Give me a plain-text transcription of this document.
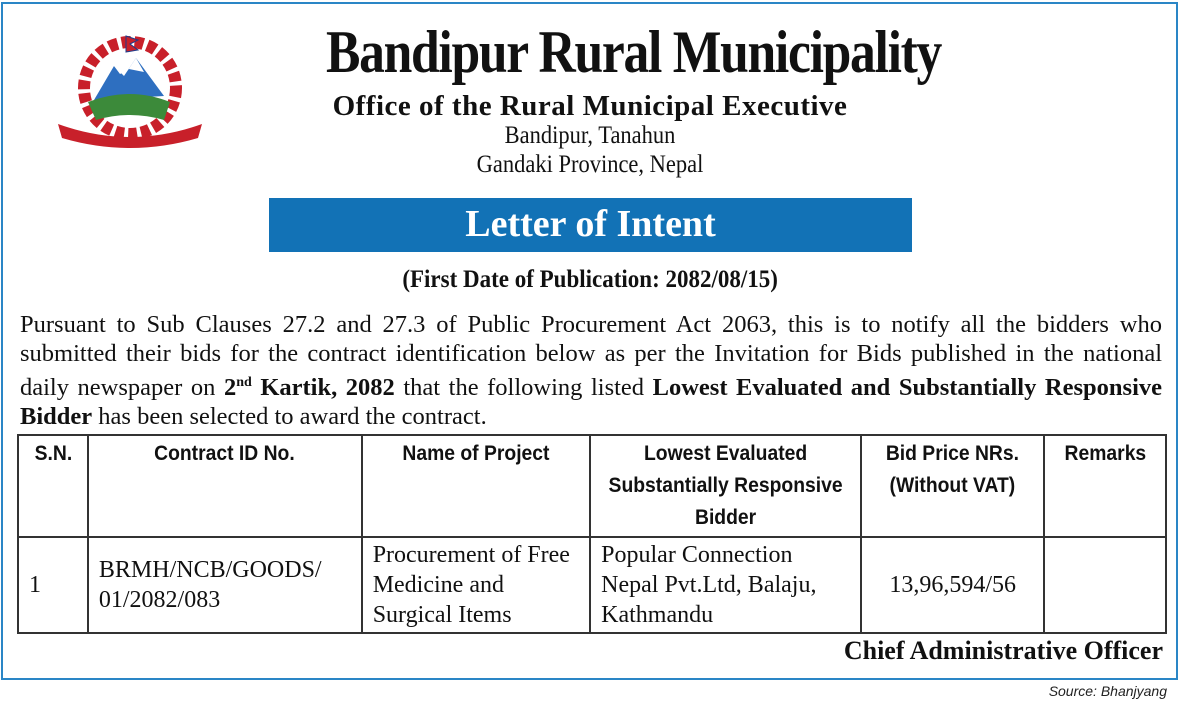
Bandipur Rural Municipality
Office of the Rural Municipal Executive
Bandipur, Tanahun
Gandaki Province, Nepal
Letter of Intent
(First Date of Publication: 2082/08/15)
Pursuant to Sub Clauses 27.2 and 27.3 of Public Procurement Act 2063, this is to notify all the bidders who submitted their bids for the contract identification below as per the Invitation for Bids published in the national daily newspaper on 2nd Kartik, 2082 that the following listed Lowest Evaluated and Substantially Responsive Bidder has been selected to award the contract.
S.N.	Contract ID No.	Name of Project	Lowest Evaluated Substantially Responsive Bidder	Bid Price NRs. (Without VAT)	Remarks
1	BRMH/NCB/GOODS/ 01/2082/083	Procurement of Free Medicine and Surgical Items	Popular Connection Nepal Pvt.Ltd, Balaju, Kathmandu	13,96,594/56	
Chief Administrative Officer
Source: Bhanjyang
